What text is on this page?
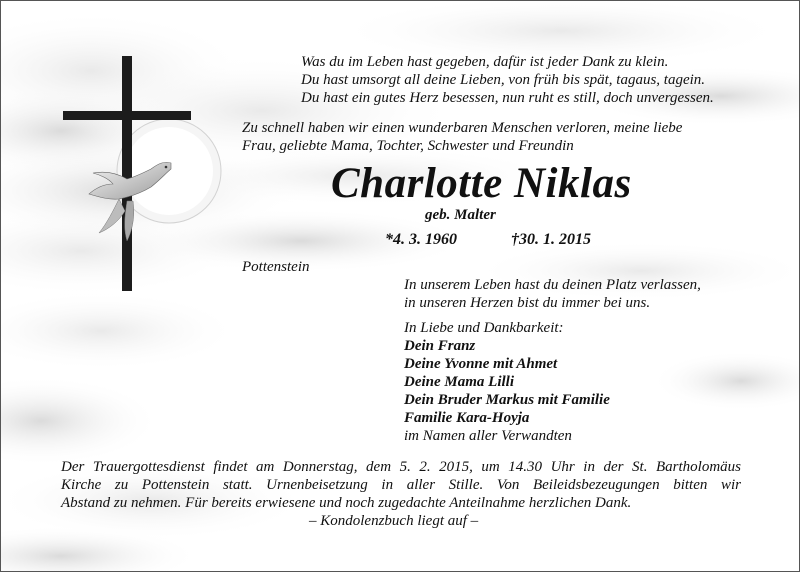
Was du im Leben hast gegeben, dafür ist jeder Dank zu klein.
Du hast umsorgt all deine Lieben, von früh bis spät, tagaus, tagein.
Du hast ein gutes Herz besessen, nun ruht es still, doch unvergessen.
Zu schnell haben wir einen wunderbaren Menschen verloren, meine liebe
Frau, geliebte Mama, Tochter, Schwester und Freundin
Charlotte Niklas
geb. Malter
*4. 3. 1960	†30. 1. 2015
Pottenstein
In unserem Leben hast du deinen Platz verlassen,
in unseren Herzen bist du immer bei uns.
In Liebe und Dankbarkeit:
Dein Franz
Deine Yvonne mit Ahmet
Deine Mama Lilli
Dein Bruder Markus mit Familie
Familie Kara-Hoyja
im Namen aller Verwandten
Der Trauergottesdienst findet am Donnerstag, dem 5. 2. 2015, um 14.30 Uhr in der St. Bartholomäus
Kirche zu Pottenstein statt. Urnenbeisetzung in aller Stille. Von Beileidsbezeugungen bitten wir
Abstand zu nehmen. Für bereits erwiesene und noch zugedachte Anteilnahme herzlichen Dank.
– Kondolenzbuch liegt auf –
